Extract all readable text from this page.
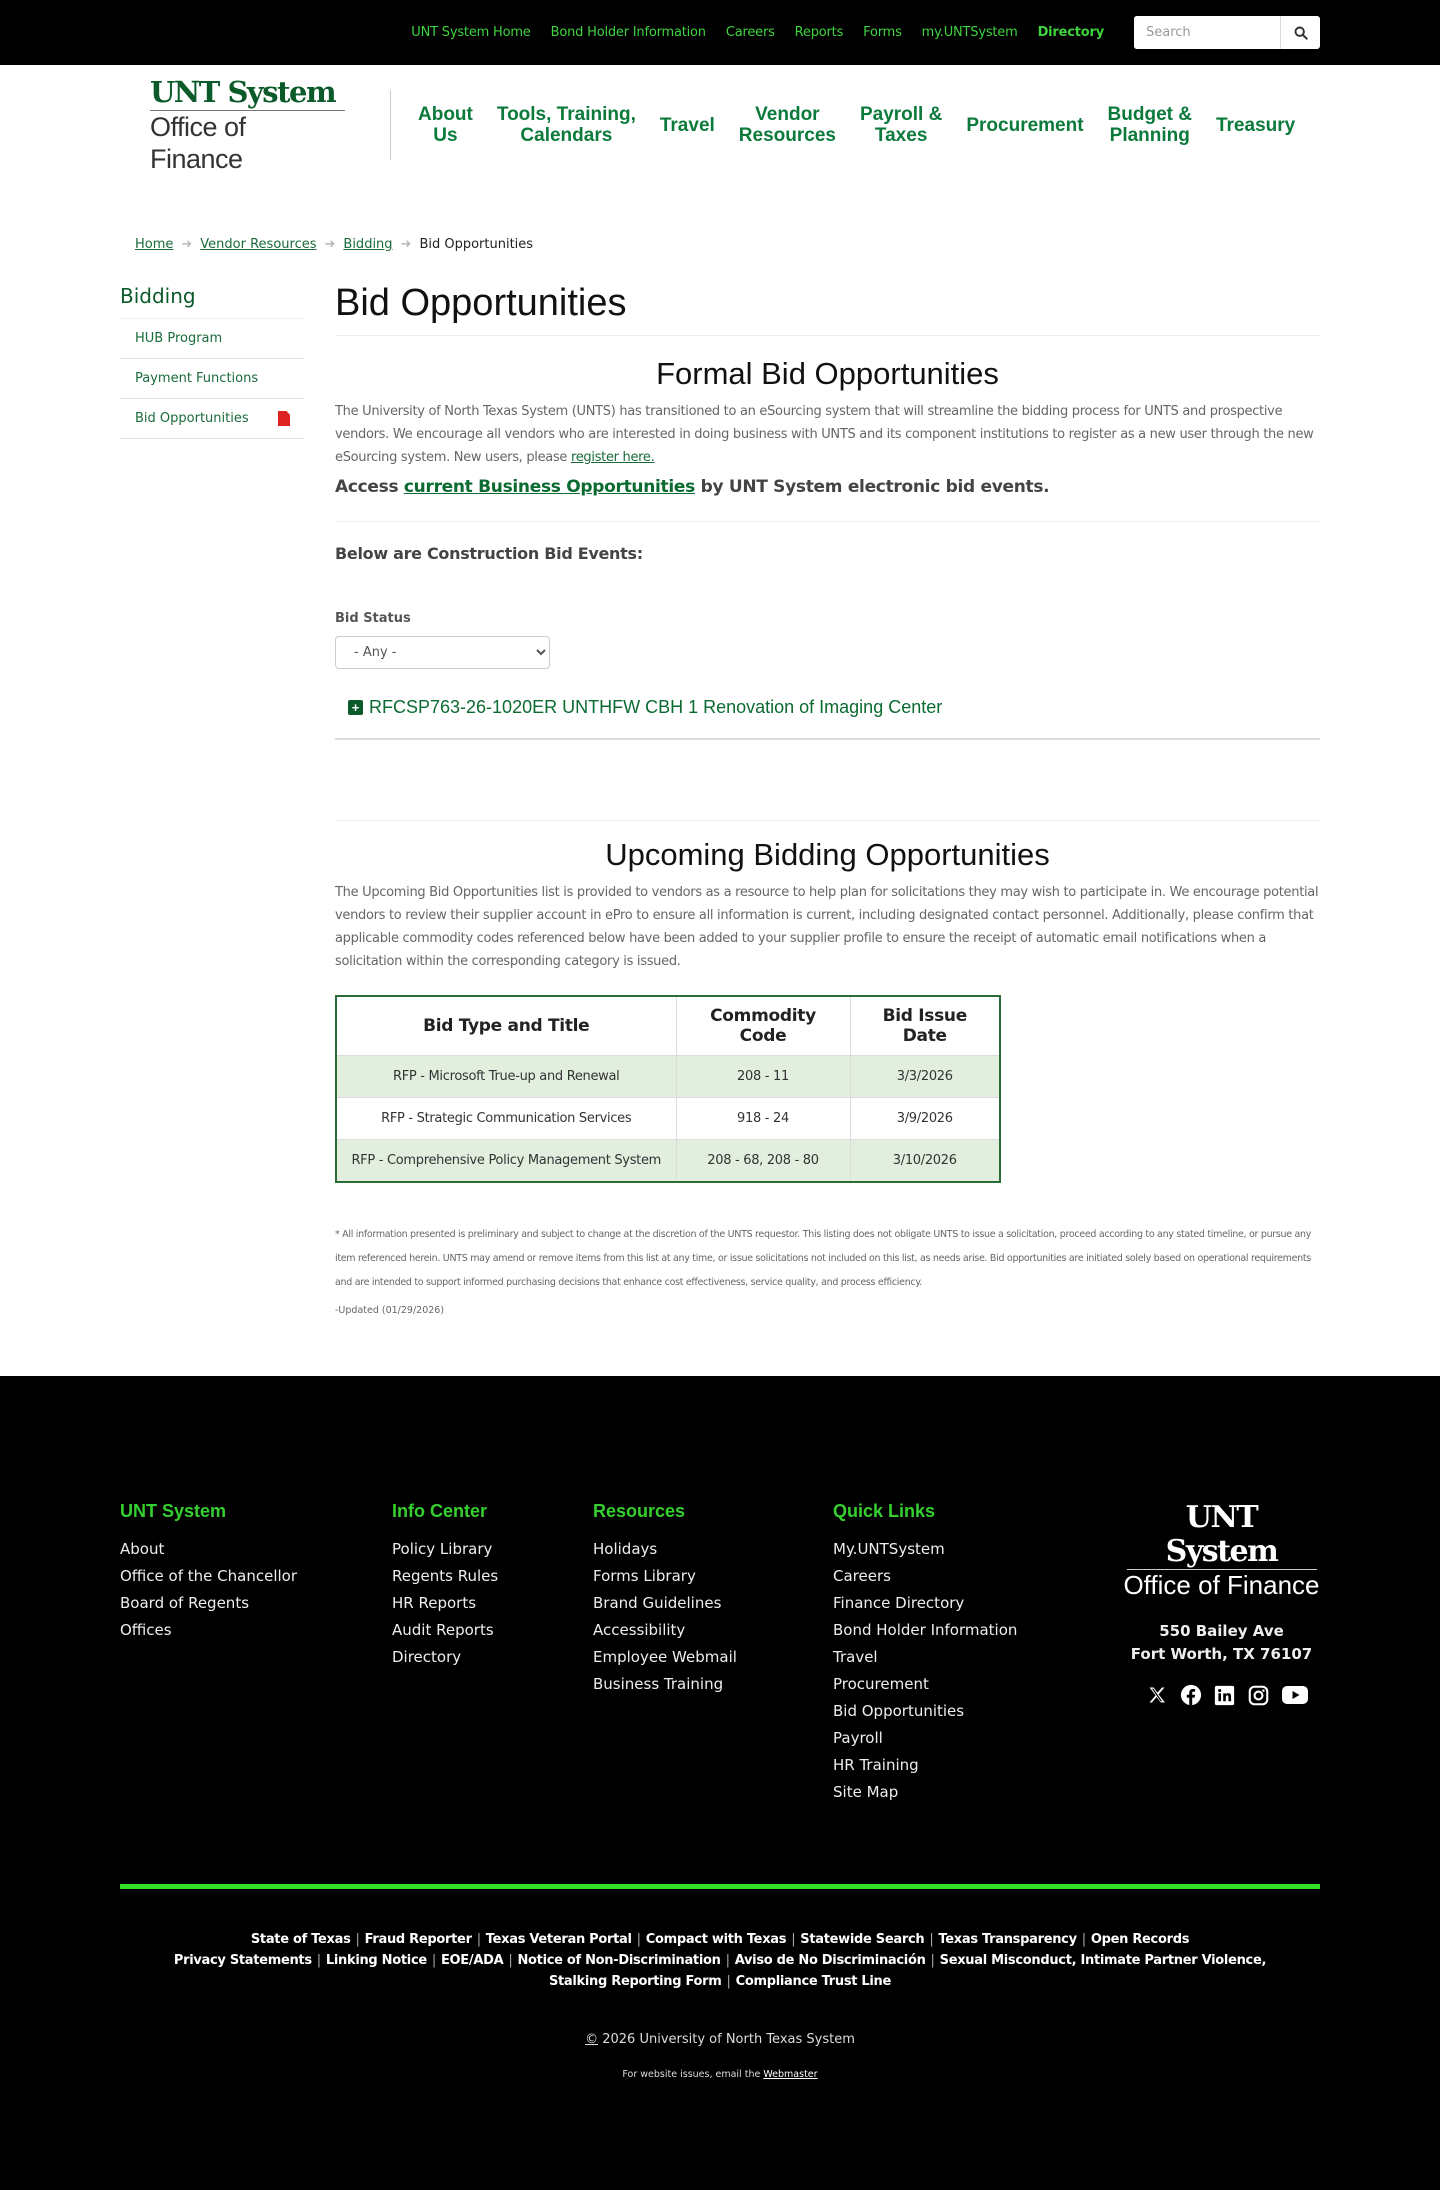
UNT System Home Bond Holder Information Careers Reports Forms my.UNTSystem Directory
Search
UNT System
Office of Finance
About
Us
Tools, Training,
Calendars	Travel	Vendor
Resources
Payroll &
Taxes	Procurement	Budget &
Planning	Treasury
Home ➜ Vendor Resources ➜ Bidding ➜ Bid Opportunities
Bidding
HUB Program
Payment Functions
Bid Opportunities
Bid Opportunities
Formal Bid Opportunities

The University of North Texas System (UNTS) has transitioned to an eSourcing system that will streamline the bidding process for UNTS and prospective vendors. We encourage all vendors who are interested in doing business with UNTS and its component institutions to register as a new user through the new eSourcing system. New users, please register here.

Access current Business Opportunities by UNT System electronic bid events.

Below are Construction Bid Events:

Bid Status
- Any -
+ RFCSP763-26-1020ER UNTHFW CBH 1 Renovation of Imaging Center
Upcoming Bidding Opportunities

The Upcoming Bid Opportunities list is provided to vendors as a resource to help plan for solicitations they may wish to participate in. We encourage potential vendors to review their supplier account in ePro to ensure all information is current, including designated contact personnel. Additionally, please confirm that applicable commodity codes referenced below have been added to your supplier profile to ensure the receipt of automatic email notifications when a solicitation within the corresponding category is issued.

Bid Type and Title	Commodity Code	Bid Issue Date
RFP - Microsoft True-up and Renewal	208 - 11	3/3/2026
RFP - Strategic Communication Services	918 - 24	3/9/2026
RFP - Comprehensive Policy Management System	208 - 68, 208 - 80	3/10/2026

* All information presented is preliminary and subject to change at the discretion of the UNTS requestor. This listing does not obligate UNTS to issue a solicitation, proceed according to any stated timeline, or pursue any item referenced herein. UNTS may amend or remove items from this list at any time, or issue solicitations not included on this list, as needs arise. Bid opportunities are initiated solely based on operational requirements and are intended to support informed purchasing decisions that enhance cost effectiveness, service quality, and process efficiency.

-Updated (01/29/2026)

UNT System
About
Office of the Chancellor
Board of Regents
Offices
Info Center
Policy Library
Regents Rules
HR Reports
Audit Reports
Directory
Resources
Holidays
Forms Library
Brand Guidelines
Accessibility
Employee Webmail
Business Training
Quick Links
My.UNTSystem
Careers
Finance Directory
Bond Holder Information
Travel
Procurement
Bid Opportunities
Payroll
HR Training
Site Map
UNT System
Office of Finance
550 Bailey Ave
Fort Worth, TX 76107
State of Texas | Fraud Reporter | Texas Veteran Portal | Compact with Texas | Statewide Search | Texas Transparency | Open Records
Privacy Statements | Linking Notice | EOE/ADA | Notice of Non-Discrimination | Aviso de No Discriminación | Sexual Misconduct, Intimate Partner Violence, Stalking Reporting Form | Compliance Trust Line
© 2026 University of North Texas System
For website issues, email the Webmaster
